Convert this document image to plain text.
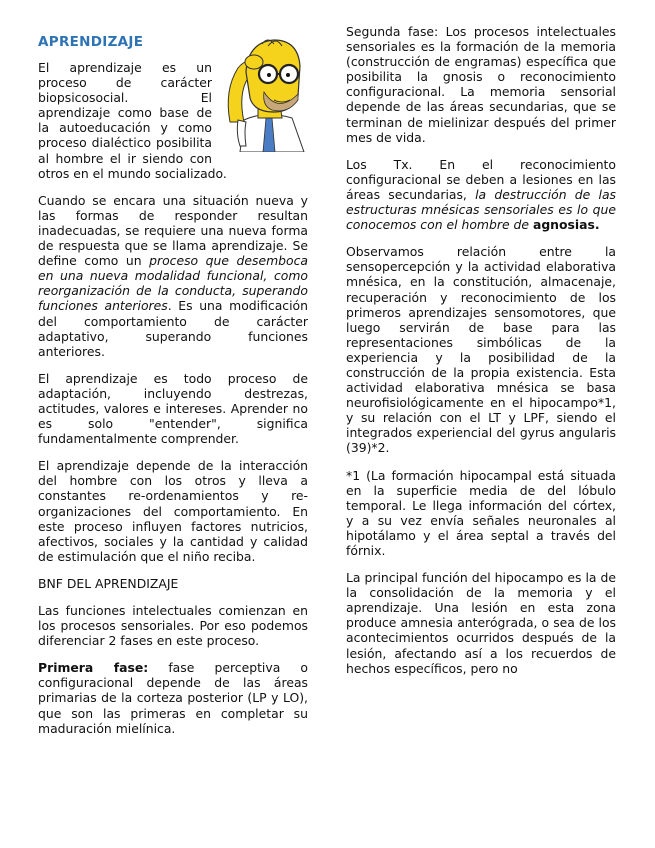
APRENDIZAJE

El aprendizaje es un proceso de carácter biopsicosocial. El aprendizaje como base de la autoeducación y como proceso dialéctico posibilita al hombre el ir siendo con otros en el mundo socializado.

Cuando se encara una situación nueva y las formas de responder resultan inadecuadas, se requiere una nueva forma de respuesta que se llama aprendizaje. Se define como un proceso que desemboca en una nueva modalidad funcional, como reorganización de la conducta, superando funciones anteriores. Es una modificación del comportamiento de carácter adaptativo, superando funciones anteriores.

El aprendizaje es todo proceso de adaptación, incluyendo destrezas, actitudes, valores e intereses. Aprender no es solo "entender", significa fundamentalmente comprender.

El aprendizaje depende de la interacción del hombre con los otros y lleva a constantes re-ordenamientos y re-organizaciones del comportamiento. En este proceso influyen factores nutricios, afectivos, sociales y la cantidad y calidad de estimulación que el niño reciba.

BNF DEL APRENDIZAJE

Las funciones intelectuales comienzan en los procesos sensoriales. Por eso podemos diferenciar 2 fases en este proceso.

Primera fase: fase perceptiva o configuracional depende de las áreas primarias de la corteza posterior (LP y LO), que son las primeras en completar su maduración mielínica.

Segunda fase: Los procesos intelectuales sensoriales es la formación de la memoria (construcción de engramas) específica que posibilita la gnosis o reconocimiento configuracional. La memoria sensorial depende de las áreas secundarias, que se terminan de mielinizar después del primer mes de vida.

Los Tx. En el reconocimiento configuracional se deben a lesiones en las áreas secundarias, la destrucción de las estructuras mnésicas sensoriales es lo que conocemos con el hombre de agnosias.

Observamos relación entre la sensopercepción y la actividad elaborativa mnésica, en la constitución, almacenaje, recuperación y reconocimiento de los primeros aprendizajes sensomotores, que luego servirán de base para las representaciones simbólicas de la experiencia y la posibilidad de la construcción de la propia existencia. Esta actividad elaborativa mnésica se basa neurofisiológicamente en el hipocampo*1, y su relación con el LT y LPF, siendo el integrados experiencial del gyrus angularis (39)*2.

*1 (La formación hipocampal está situada en la superficie media de del lóbulo temporal. Le llega información del córtex, y a su vez envía señales neuronales al hipotálamo y el área septal a través del fórnix.

La principal función del hipocampo es la de la consolidación de la memoria y el aprendizaje. Una lesión en esta zona produce amnesia anterógrada, o sea de los acontecimientos ocurridos después de la lesión, afectando así a los recuerdos de hechos específicos, pero no
